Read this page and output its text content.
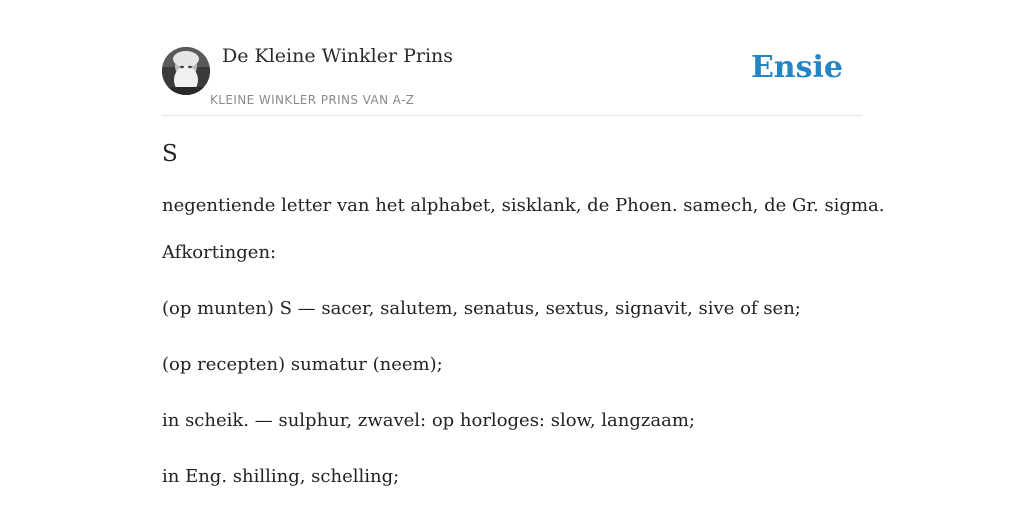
De Kleine Winkler Prins
KLEINE WINKLER PRINS VAN A-Z
Ensie
S

negentiende letter van het alphabet, sisklank, de Phoen. samech, de Gr. sigma.

Afkortingen:

(op munten) S — sacer, salutem, senatus, sextus, signavit, sive of sen;

(op recepten) sumatur (neem);

in scheik. — sulphur, zwavel: op horloges: slow, langzaam;

in Eng. shilling, schelling;
